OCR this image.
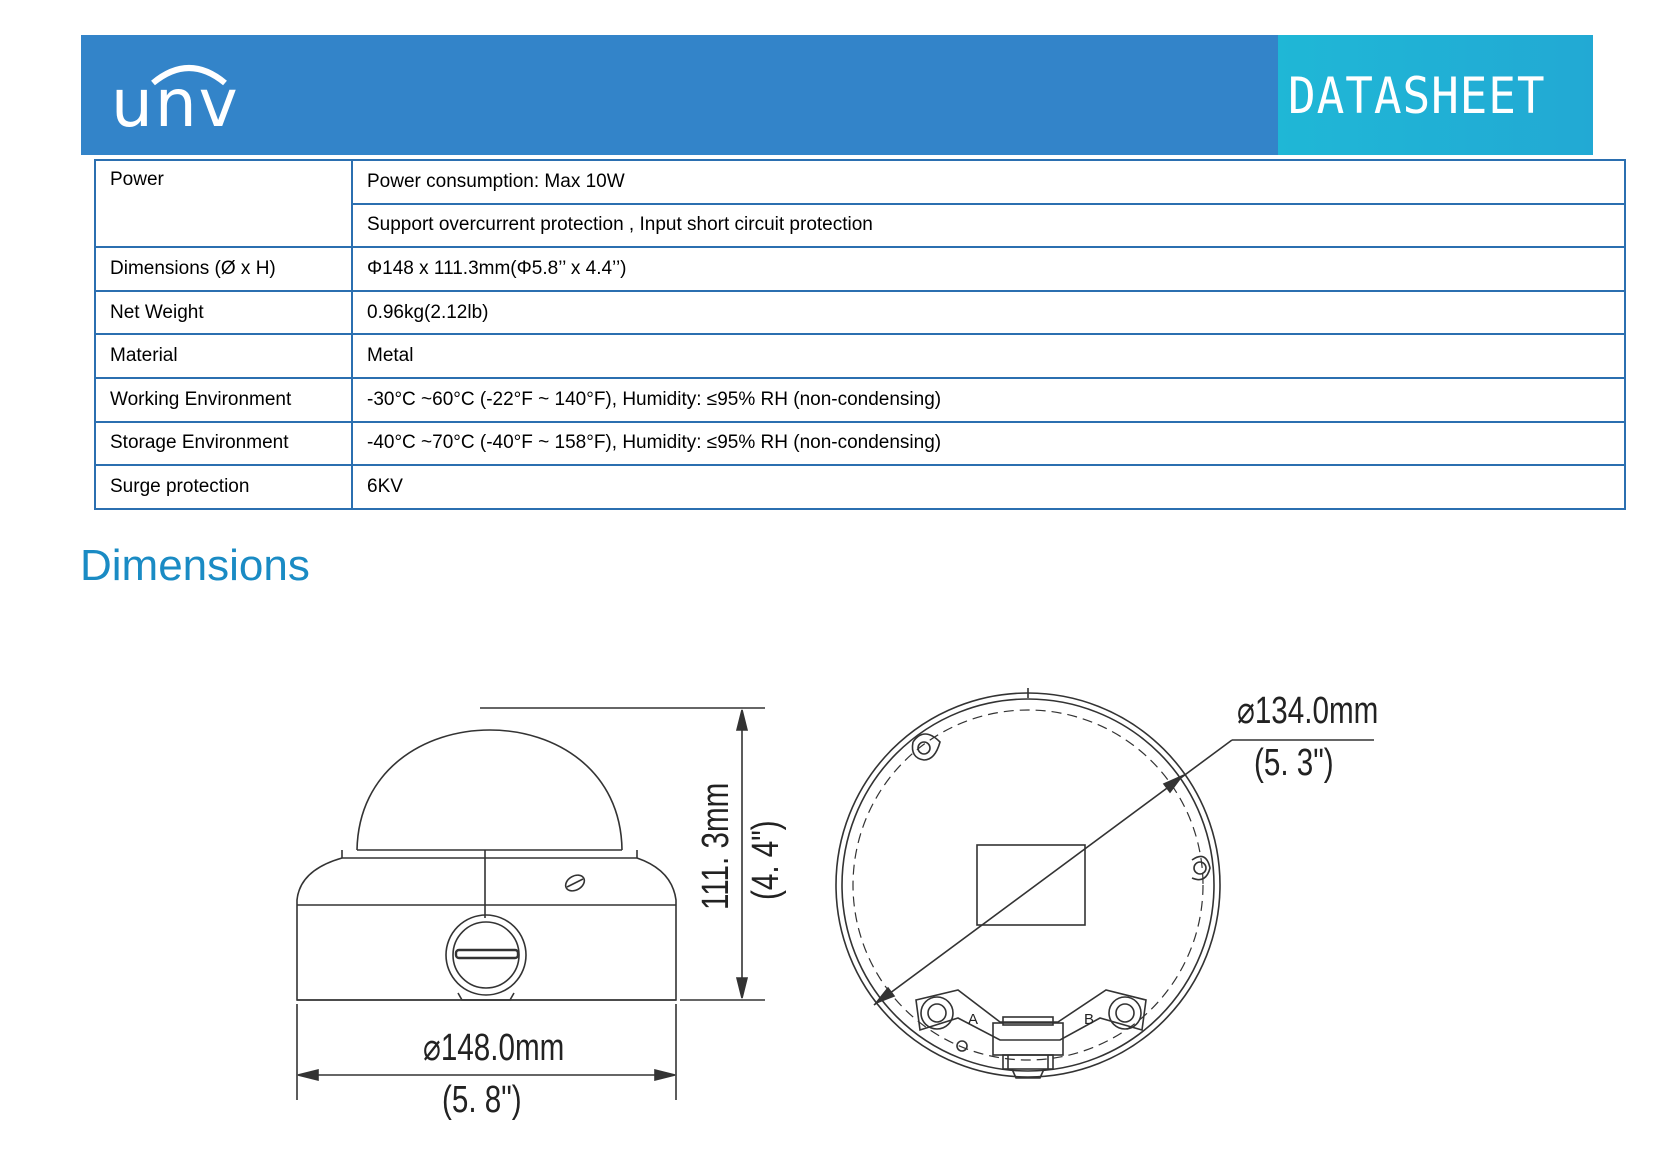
unv	DATASHEET
Power	Power consumption: Max 10W
	Support overcurrent protection , Input short circuit protection
Dimensions (Ø x H)	Φ148 x 111.3mm(Φ5.8’’ x 4.4’’)
Net Weight	0.96kg(2.12lb)
Material	Metal
Working Environment	-30°C ~60°C (-22°F ~ 140°F), Humidity: ≤95% RH (non-condensing)
Storage Environment	-40°C ~70°C (-40°F ~ 158°F), Humidity: ≤95% RH (non-condensing)
Surge protection	6KV
Dimensions
⌀148.0mm
(5. 8")
111. 3mm (4. 4")
A	B
⌀134.0mm
(5. 3")
